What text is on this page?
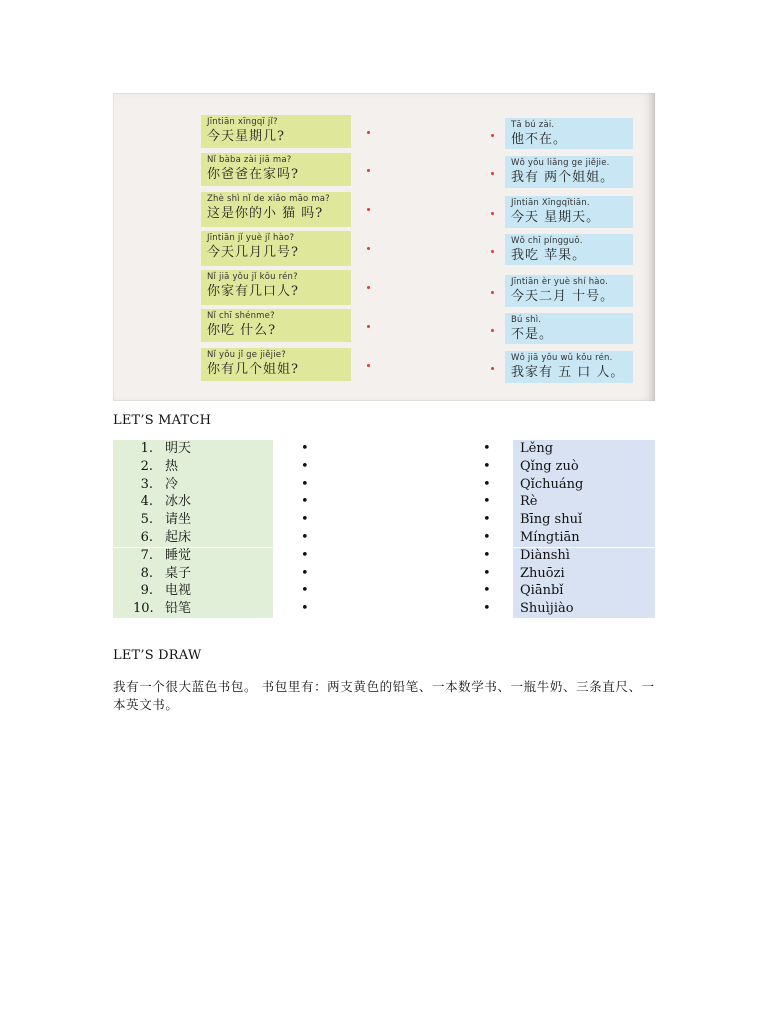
Jīntiān xīngqī jǐ?
今天星期几?
Nǐ bàba zài jiā ma?
你爸爸在家吗?
Zhè shì nǐ de xiǎo māo ma?
这是你的小 猫 吗?
Jīntiān jǐ yuè jǐ hào?
今天几月几号?
Nǐ jiā yǒu jǐ kǒu rén?
你家有几口人?
Nǐ chī shénme?
你吃 什么?
Nǐ yǒu jǐ ge jiějie?
你有几个姐姐?
Tā bú zài.
他不在。
Wǒ yǒu liǎng ge jiějie.
我有 两个姐姐。
Jīntiān Xīngqītiān.
今天 星期天。
Wǒ chī píngguǒ.
我吃 苹果。
Jīntiān èr yuè shí hào.
今天二月 十号。
Bú shì.
不是。
Wǒ jiā yǒu wǔ kǒu rén.
我家有 五 口 人。
LET’S MATCH
1. 明天	•	• Lěng
2. 热	•	• Qǐng zuò
3. 冷	•	• Qǐchuáng
4. 冰水	•	• Rè
5. 请坐	•	• Bīng shuǐ
6. 起床	•	• Míngtiān
7. 睡觉	•	• Diànshì
8. 桌子	•	• Zhuōzi
9. 电视	•	• Qiānbǐ
10. 铅笔	•	• Shuìjiào
LET’S DRAW
我有一个很大蓝色书包。 书包里有：两支黄色的铅笔、一本数学书、一瓶牛奶、三条直尺、一本英文书。
